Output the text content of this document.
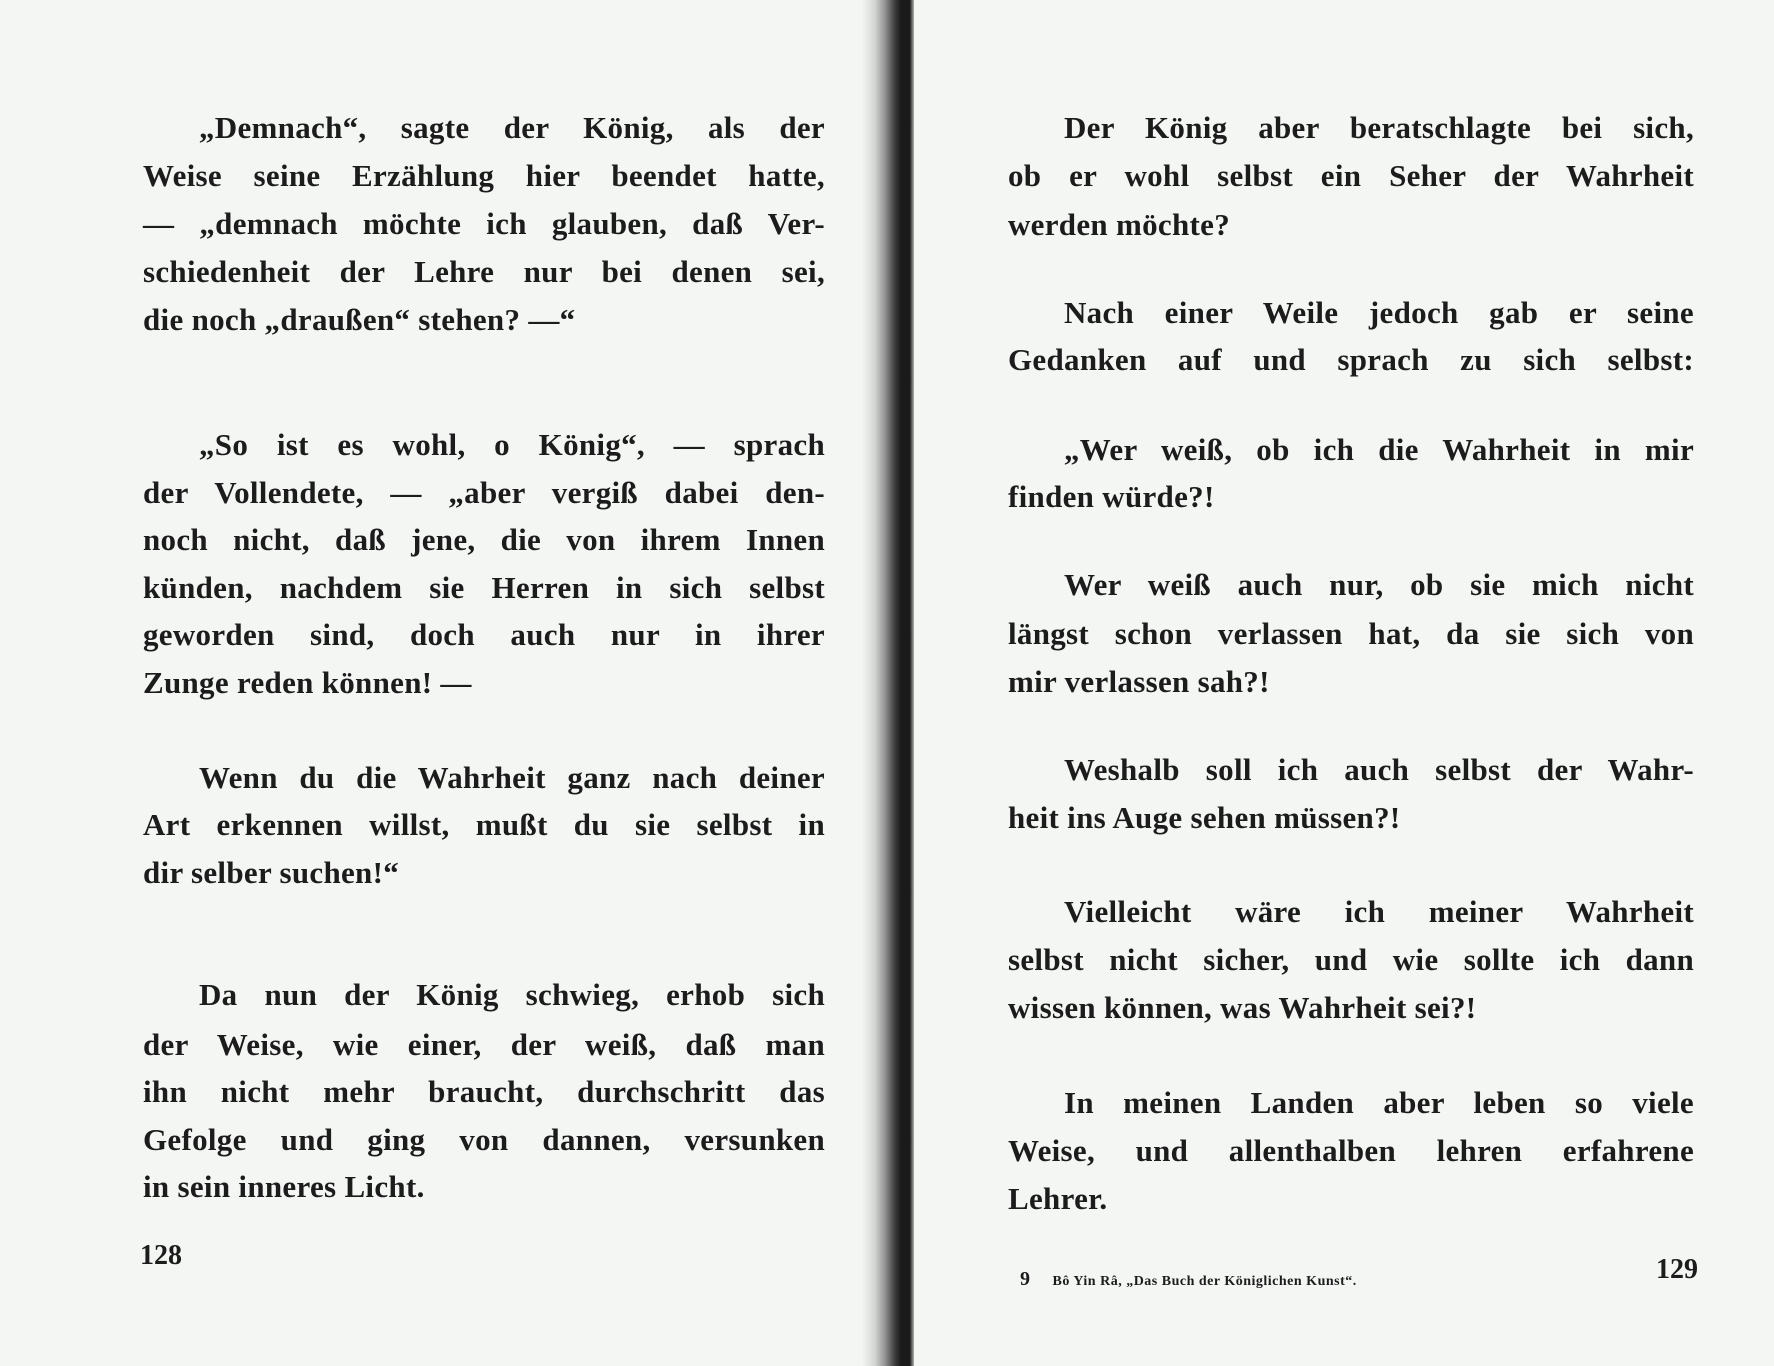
„Demnach“, sagte der König, als der
Weise seine Erzählung hier beendet hatte,
— „demnach möchte ich glauben, daß Ver-
schiedenheit der Lehre nur bei denen sei,
die noch „draußen“ stehen? —“
„So ist es wohl, o König“, — sprach
der Vollendete, — „aber vergiß dabei den-
noch nicht, daß jene, die von ihrem Innen
künden, nachdem sie Herren in sich selbst
geworden sind, doch auch nur in ihrer
Zunge reden können! —
Wenn du die Wahrheit ganz nach deiner
Art erkennen willst, mußt du sie selbst in
dir selber suchen!“
Da nun der König schwieg, erhob sich
der Weise, wie einer, der weiß, daß man
ihn nicht mehr braucht, durchschritt das
Gefolge und ging von dannen, versunken
in sein inneres Licht.
128
Der König aber beratschlagte bei sich,
ob er wohl selbst ein Seher der Wahrheit
werden möchte?
Nach einer Weile jedoch gab er seine
Gedanken auf und sprach zu sich selbst:
„Wer weiß, ob ich die Wahrheit in mir
finden würde?!
Wer weiß auch nur, ob sie mich nicht
längst schon verlassen hat, da sie sich von
mir verlassen sah?!
Weshalb soll ich auch selbst der Wahr-
heit ins Auge sehen müssen?!
Vielleicht wäre ich meiner Wahrheit
selbst nicht sicher, und wie sollte ich dann
wissen können, was Wahrheit sei?!
In meinen Landen aber leben so viele
Weise, und allenthalben lehren erfahrene
Lehrer.
9 Bô Yin Râ, „Das Buch der Königlichen Kunst“.	129
